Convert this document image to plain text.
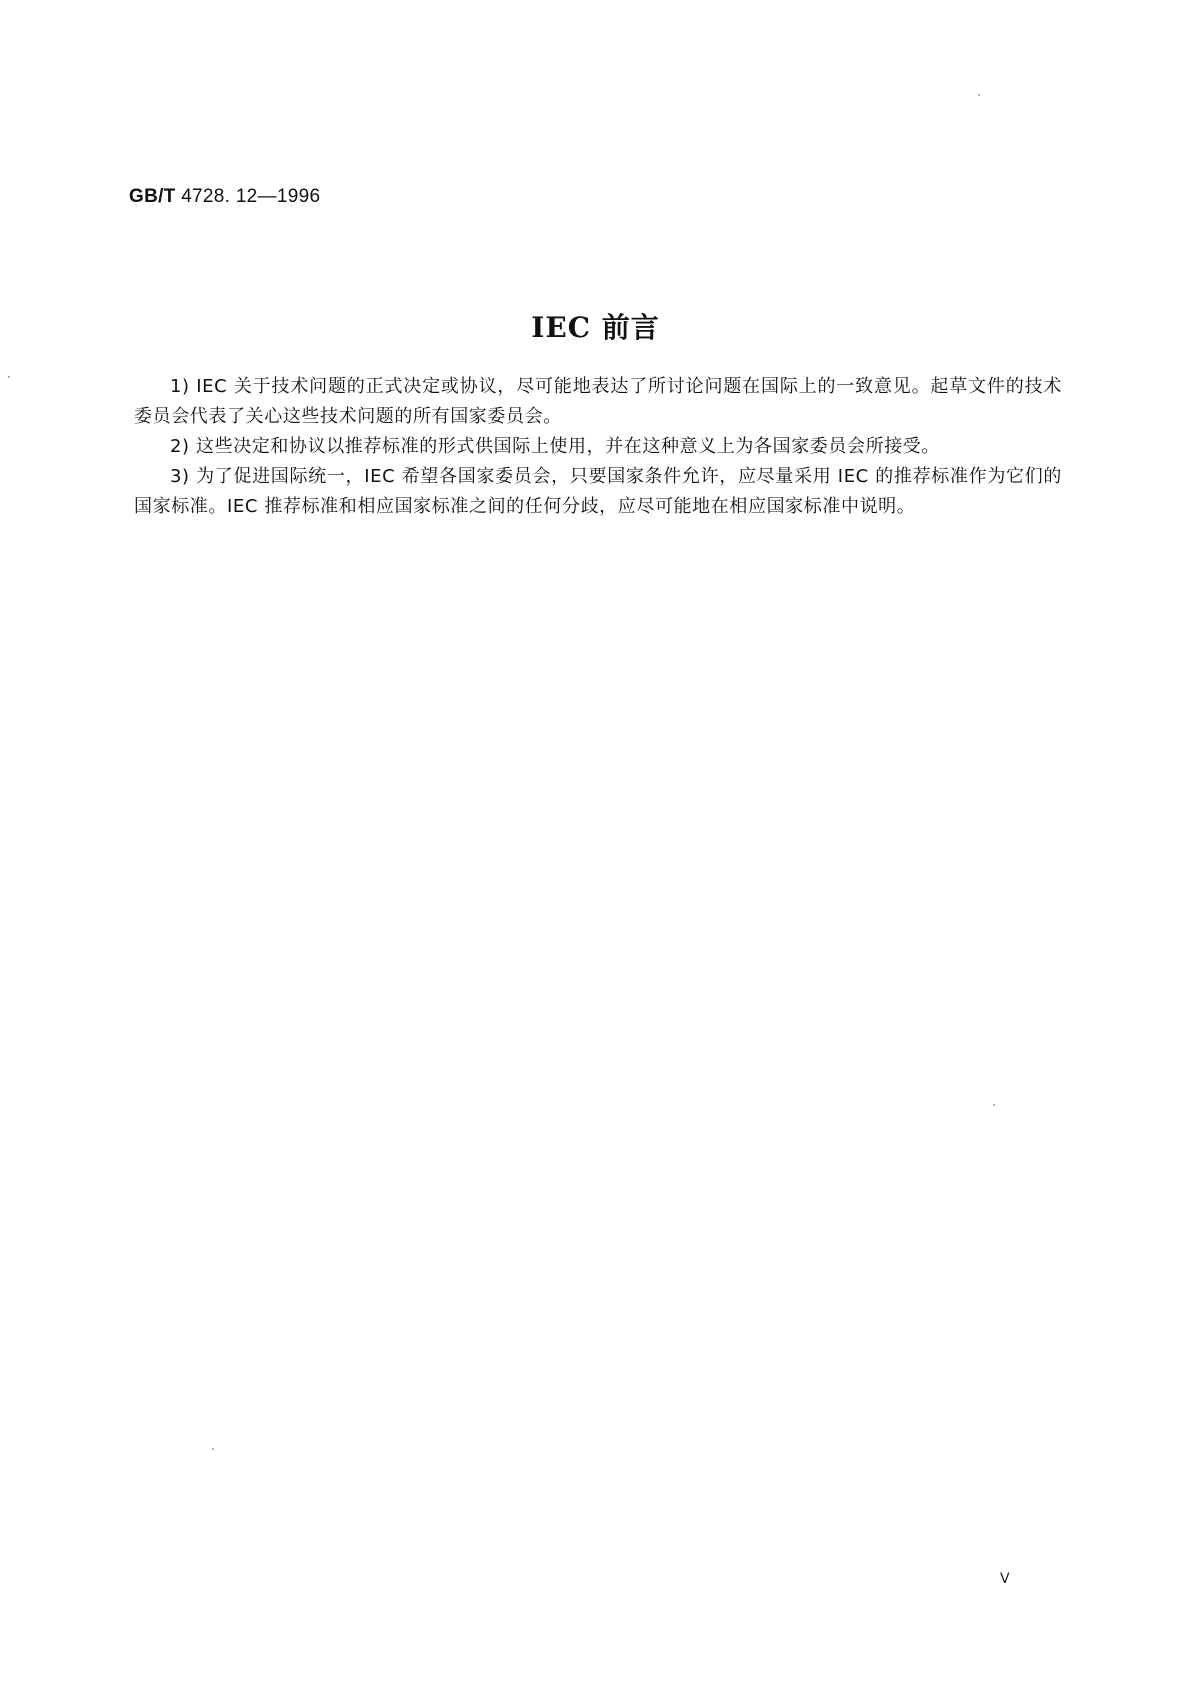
GB/T 4728. 12—1996
IEC 前言

1) IEC 关于技术问题的正式决定或协议，尽可能地表达了所讨论问题在国际上的一致意见。起草文件的技术委员会代表了关心这些技术问题的所有国家委员会。

2) 这些决定和协议以推荐标准的形式供国际上使用，并在这种意义上为各国家委员会所接受。

3) 为了促进国际统一，IEC 希望各国家委员会，只要国家条件允许，应尽量采用 IEC 的推荐标准作为它们的国家标准。IEC 推荐标准和相应国家标准之间的任何分歧，应尽可能地在相应国家标准中说明。

V
